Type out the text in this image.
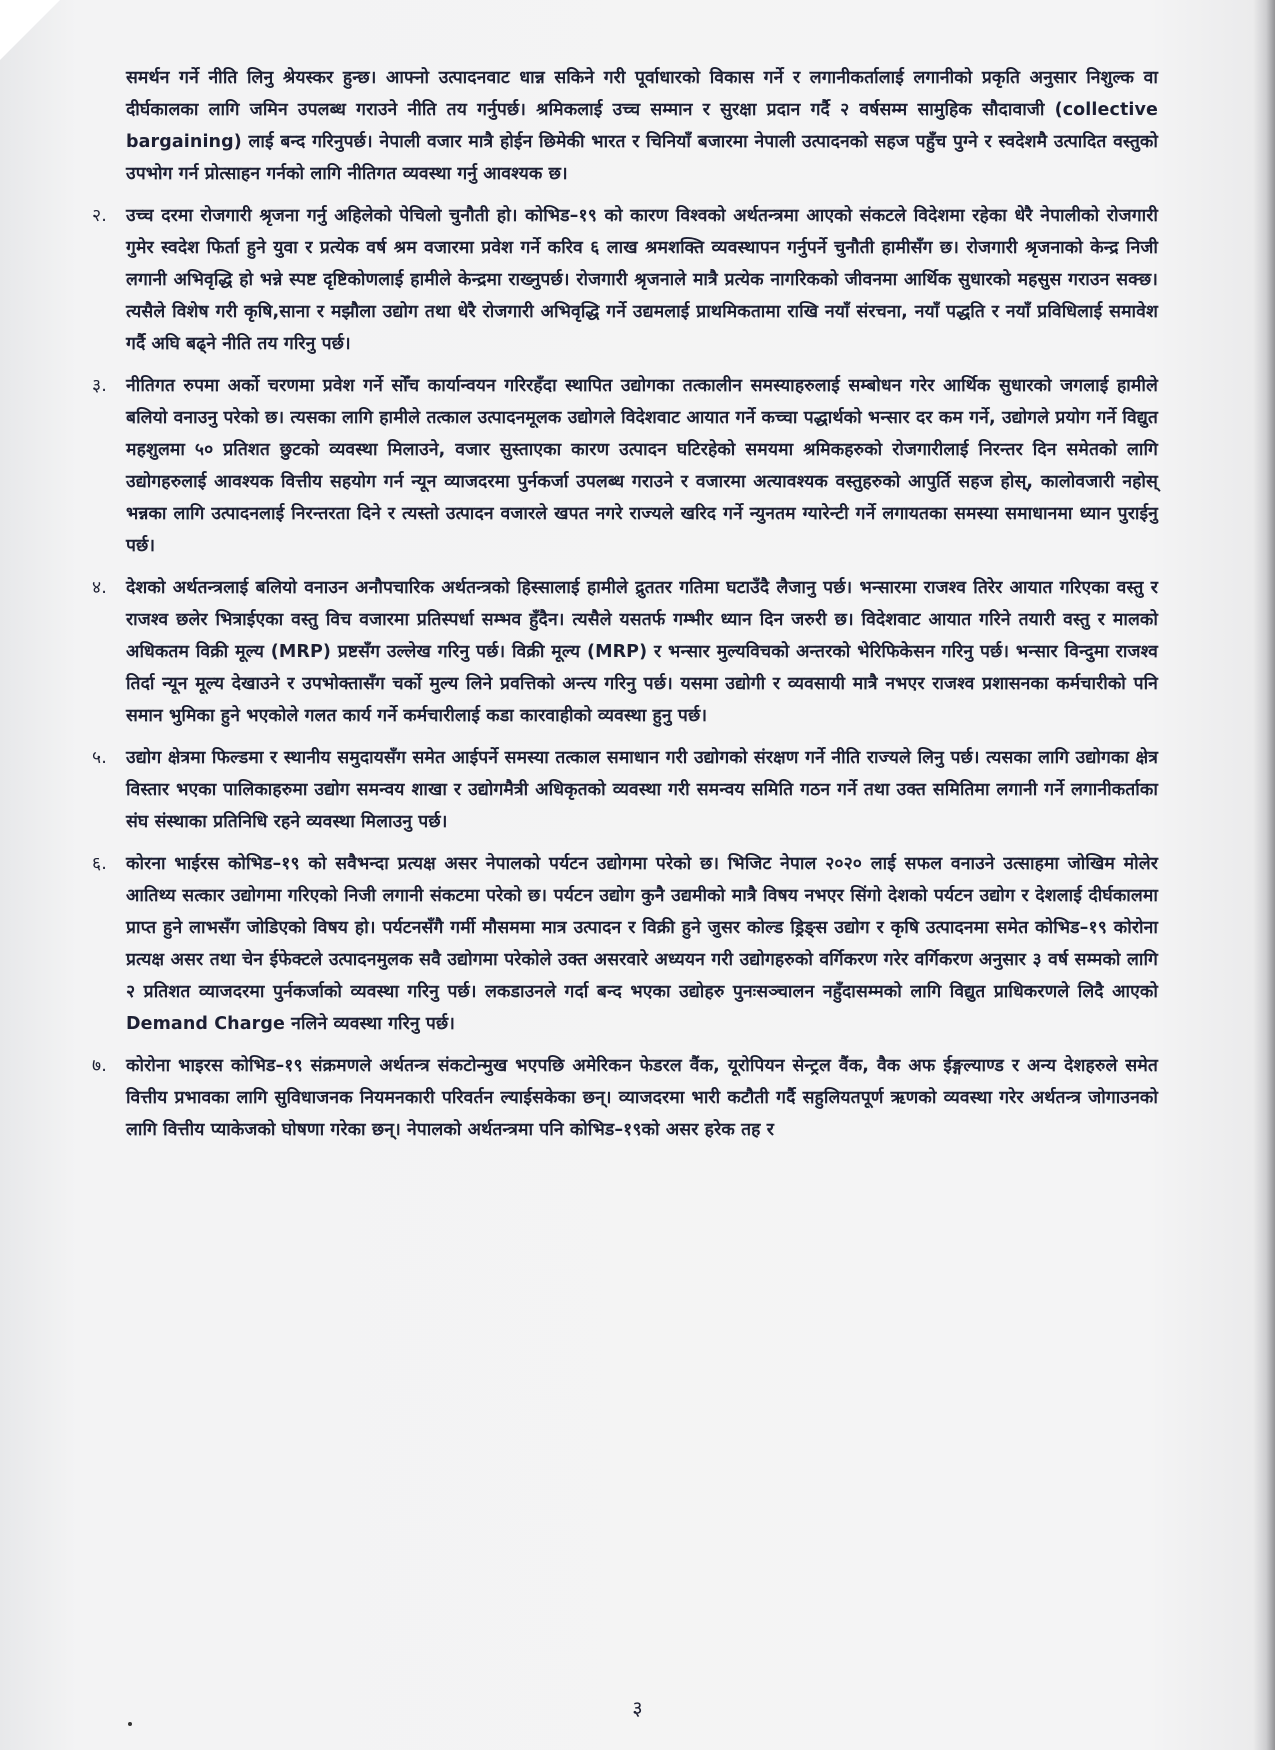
समर्थन गर्ने नीति लिनु श्रेयस्कर हुन्छ। आफ्नो उत्पादनवाट धान्न सकिने गरी पूर्वाधारको विकास गर्ने र लगानीकर्तालाई लगानीको प्रकृति अनुसार निशुल्क वा दीर्घकालका लागि जमिन उपलब्ध गराउने नीति तय गर्नुपर्छ। श्रमिकलाई उच्च सम्मान र सुरक्षा प्रदान गर्दै २ वर्षसम्म सामुहिक सौदावाजी (collective bargaining) लाई बन्द गरिनुपर्छ। नेपाली वजार मात्रै होईन छिमेकी भारत र चिनियाँ बजारमा नेपाली उत्पादनको सहज पहुँच पुग्ने र स्वदेशमै उत्पादित वस्तुको उपभोग गर्न प्रोत्साहन गर्नको लागि नीतिगत व्यवस्था गर्नु आवश्यक छ।

२.	उच्च दरमा रोजगारी श्रृजना गर्नु अहिलेको पेचिलो चुनौती हो। कोभिड–१९ को कारण विश्वको अर्थतन्त्रमा आएको संकटले विदेशमा रहेका धेरै नेपालीको रोजगारी गुमेर स्वदेश फिर्ता हुने युवा र प्रत्येक वर्ष श्रम वजारमा प्रवेश गर्ने करिव ६ लाख श्रमशक्ति व्यवस्थापन गर्नुपर्ने चुनौती हामीसँग छ। रोजगारी श्रृजनाको केन्द्र निजी लगानी अभिवृद्धि हो भन्ने स्पष्ट दृष्टिकोणलाई हामीले केन्द्रमा राख्नुपर्छ। रोजगारी श्रृजनाले मात्रै प्रत्येक नागरिकको जीवनमा आर्थिक सुधारको महसुस गराउन सक्छ। त्यसैले विशेष गरी कृषि,साना र मझौला उद्योग तथा धेरै रोजगारी अभिवृद्धि गर्ने उद्यमलाई प्राथमिकतामा राखि नयाँ संरचना, नयाँ पद्धति र नयाँ प्रविधिलाई समावेश गर्दै अघि बढ्ने नीति तय गरिनु पर्छ।

३.	नीतिगत रुपमा अर्को चरणमा प्रवेश गर्ने सोँच कार्यान्वयन गरिरहँदा स्थापित उद्योगका तत्कालीन समस्याहरुलाई सम्बोधन गरेर आर्थिक सुधारको जगलाई हामीले बलियो वनाउनु परेको छ। त्यसका लागि हामीले तत्काल उत्पादनमूलक उद्योगले विदेशवाट आयात गर्ने कच्चा पद्धार्थको भन्सार दर कम गर्ने, उद्योगले प्रयोग गर्ने विद्युत महशुलमा ५० प्रतिशत छुटको व्यवस्था मिलाउने, वजार सुस्ताएका कारण उत्पादन घटिरहेको समयमा श्रमिकहरुको रोजगारीलाई निरन्तर दिन समेतको लागि उद्योगहरुलाई आवश्यक वित्तीय सहयोग गर्न न्यून व्याजदरमा पुर्नकर्जा उपलब्ध गराउने र वजारमा अत्यावश्यक वस्तुहरुको आपुर्ति सहज होस्, कालोवजारी नहोस् भन्नका लागि उत्पादनलाई निरन्तरता दिने र त्यस्तो उत्पादन वजारले खपत नगरे राज्यले खरिद गर्ने न्युनतम ग्यारेन्टी गर्ने लगायतका समस्या समाधानमा ध्यान पुराईनु पर्छ।

४.	देशको अर्थतन्त्रलाई बलियो वनाउन अनौपचारिक अर्थतन्त्रको हिस्सालाई हामीले द्रुततर गतिमा घटाउँदै लैजानु पर्छ। भन्सारमा राजश्व तिरेर आयात गरिएका वस्तु र राजश्व छलेर भित्राईएका वस्तु विच वजारमा प्रतिस्पर्धा सम्भव हुँदैन। त्यसैले यसतर्फ गम्भीर ध्यान दिन जरुरी छ। विदेशवाट आयात गरिने तयारी वस्तु र मालको अधिकतम विक्री मूल्य (MRP) प्रष्टसँग उल्लेख गरिनु पर्छ। विक्री मूल्य (MRP) र भन्सार मुल्यविचको अन्तरको भेरिफिकेसन गरिनु पर्छ। भन्सार विन्दुमा राजश्व तिर्दा न्यून मूल्य देखाउने र उपभोक्तासँग चर्को मुल्य लिने प्रवत्तिको अन्त्य गरिनु पर्छ। यसमा उद्योगी र व्यवसायी मात्रै नभएर राजश्व प्रशासनका कर्मचारीको पनि समान भुमिका हुने भएकोले गलत कार्य गर्ने कर्मचारीलाई कडा कारवाहीको व्यवस्था हुनु पर्छ।

५.	उद्योग क्षेत्रमा फिल्डमा र स्थानीय समुदायसँग समेत आईपर्ने समस्या तत्काल समाधान गरी उद्योगको संरक्षण गर्ने नीति राज्यले लिनु पर्छ। त्यसका लागि उद्योगका क्षेत्र विस्तार भएका पालिकाहरुमा उद्योग समन्वय शाखा र उद्योगमैत्री अधिकृतको व्यवस्था गरी समन्वय समिति गठन गर्ने तथा उक्त समितिमा लगानी गर्ने लगानीकर्ताका संघ संस्थाका प्रतिनिधि रहने व्यवस्था मिलाउनु पर्छ।

६.	कोरना भाईरस कोभिड–१९ को सवैभन्दा प्रत्यक्ष असर नेपालको पर्यटन उद्योगमा परेको छ। भिजिट नेपाल २०२० लाई सफल वनाउने उत्साहमा जोखिम मोलेर आतिथ्य सत्कार उद्योगमा गरिएको निजी लगानी संकटमा परेको छ। पर्यटन उद्योग कुनै उद्यमीको मात्रै विषय नभएर सिंगो देशको पर्यटन उद्योग र देशलाई दीर्घकालमा प्राप्त हुने लाभसँग जोडिएको विषय हो। पर्यटनसँगै गर्मी मौसममा मात्र उत्पादन र विक्री हुने जुसर कोल्ड ड्रिङ्स उद्योग र कृषि उत्पादनमा समेत कोभिड–१९ कोरोना प्रत्यक्ष असर तथा चेन ईफेक्टले उत्पादनमुलक सवै उद्योगमा परेकोले उक्त असरवारे अध्ययन गरी उद्योगहरुको वर्गिकरण गरेर वर्गिकरण अनुसार ३ वर्ष सम्मको लागि २ प्रतिशत व्याजदरमा पुर्नकर्जाको व्यवस्था गरिनु पर्छ। लकडाउनले गर्दा बन्द भएका उद्योहरु पुनःसञ्चालन नहुँदासम्मको लागि विद्युत प्राधिकरणले लिदै आएको Demand Charge नलिने व्यवस्था गरिनु पर्छ।

७.	कोरोना भाइरस कोभिड–१९ संक्रमणले अर्थतन्त्र संकटोन्मुख भएपछि अमेरिकन फेडरल वैंक, यूरोपियन सेन्ट्रल वैंक, वैक अफ ईङ्गल्याण्ड र अन्य देशहरुले समेत वित्तीय प्रभावका लागि सुविधाजनक नियमनकारी परिवर्तन ल्याईसकेका छन्। व्याजदरमा भारी कटौती गर्दै सहुलियतपूर्ण ऋणको व्यवस्था गरेर अर्थतन्त्र जोगाउनको लागि वित्तीय प्याकेजको घोषणा गरेका छन्। नेपालको अर्थतन्त्रमा पनि कोभिड–१९को असर हरेक तह र

३
